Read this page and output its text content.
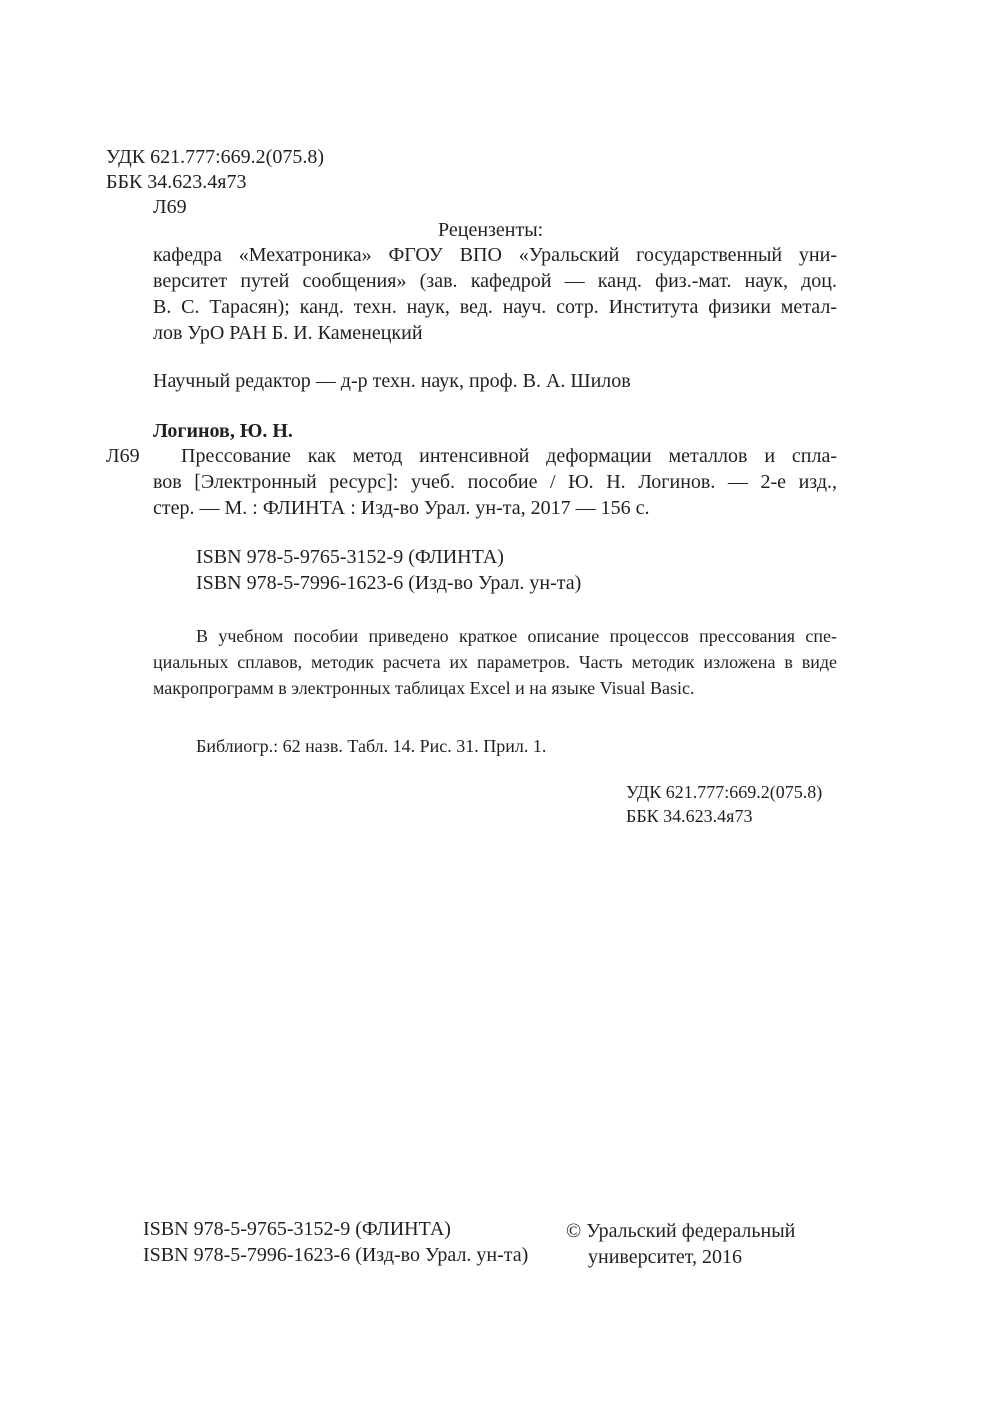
УДК 621.777:669.2(075.8)
ББК 34.623.4я73
Л69
Рецензенты:
кафедра «Мехатроника» ФГОУ ВПО «Уральский государственный уни-
верситет путей сообщения» (зав. кафедрой — канд. физ.-мат. наук, доц.
В. С. Тарасян); канд. техн. наук, вед. науч. сотр. Института физики метал-
лов УрО РАН Б. И. Каменецкий
Научный редактор — д-р техн. наук, проф. В. А. Шилов
Логинов, Ю. Н.
Л69	Прессование как метод интенсивной деформации металлов и спла-
вов [Электронный ресурс]: учеб. пособие / Ю. Н. Логинов. — 2-е изд.,
стер. — М. : ФЛИНТА : Изд-во Урал. ун-та, 2017 — 156 с.
ISBN 978-5-9765-3152-9 (ФЛИНТА)
ISBN 978-5-7996-1623-6 (Изд-во Урал. ун-та)
В учебном пособии приведено краткое описание процессов прессования спе-
циальных сплавов, методик расчета их параметров. Часть методик изложена в виде
макропрограмм в электронных таблицах Excel и на языке Visual Basic.
Библиогр.: 62 назв. Табл. 14. Рис. 31. Прил. 1.
УДК 621.777:669.2(075.8)
ББК 34.623.4я73
ISBN 978-5-9765-3152-9 (ФЛИНТА)
ISBN 978-5-7996-1623-6 (Изд-во Урал. ун-та)
© Уральский федеральный
университет, 2016
